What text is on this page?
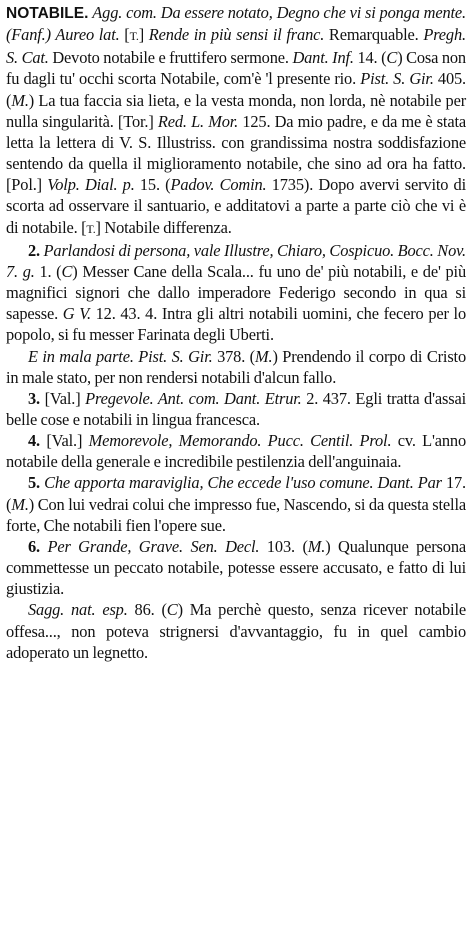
NOTABILE. Agg. com. Da essere notato, Degno che vi si ponga mente. (Fanf.) Aureo lat. [T.] Rende in più sensi il franc. Remarquable. Pregh. S. Cat. Devoto notabile e fruttifero sermone. Dant. Inf. 14. (C) Cosa non fu dagli tu' occhi scorta Notabile, com'è 'l presente rio. Pist. S. Gir. 405. (M.) La tua faccia sia lieta, e la vesta monda, non lorda, nè notabile per nulla singularità. [Tor.] Red. L. Mor. 125. Da mio padre, e da me è stata letta la lettera di V. S. Illustriss. con grandissima nostra soddisfazione sentendo da quella il miglioramento notabile, che sino ad ora ha fatto. [Pol.] Volp. Dial. p. 15. (Padov. Comin. 1735). Dopo avervi servito di scorta ad osservare il santuario, e additatovi a parte a parte ciò che vi è di notabile. [T.] Notabile differenza.

2. Parlandosi di persona, vale Illustre, Chiaro, Cospicuo. Bocc. Nov. 7. g. 1. (C) Messer Cane della Scala... fu uno de' più notabili, e de' più magnifici signori che dallo imperadore Federigo secondo in qua si sapesse. G V. 12. 43. 4. Intra gli altri notabili uomini, che fecero per lo popolo, si fu messer Farinata degli Uberti.

E in mala parte. Pist. S. Gir. 378. (M.) Prendendo il corpo di Cristo in male stato, per non rendersi notabili d'alcun fallo.

3. [Val.] Pregevole. Ant. com. Dant. Etrur. 2. 437. Egli tratta d'assai belle cose e notabili in lingua francesca.

4. [Val.] Memorevole, Memorando. Pucc. Centil. Prol. cv. L'anno notabile della generale e incredibile pestilenzia dell'anguinaia.

5. Che apporta maraviglia, Che eccede l'uso comune. Dant. Par 17. (M.) Con lui vedrai colui che impresso fue, Nascendo, si da questa stella forte, Che notabili fien l'opere sue.

6. Per Grande, Grave. Sen. Decl. 103. (M.) Qualunque persona commettesse un peccato notabile, potesse essere accusato, e fatto di lui giustizia.

Sagg. nat. esp. 86. (C) Ma perchè questo, senza ricever notabile offesa..., non poteva strignersi d'avvantaggio, fu in quel cambio adoperato un legnetto.
